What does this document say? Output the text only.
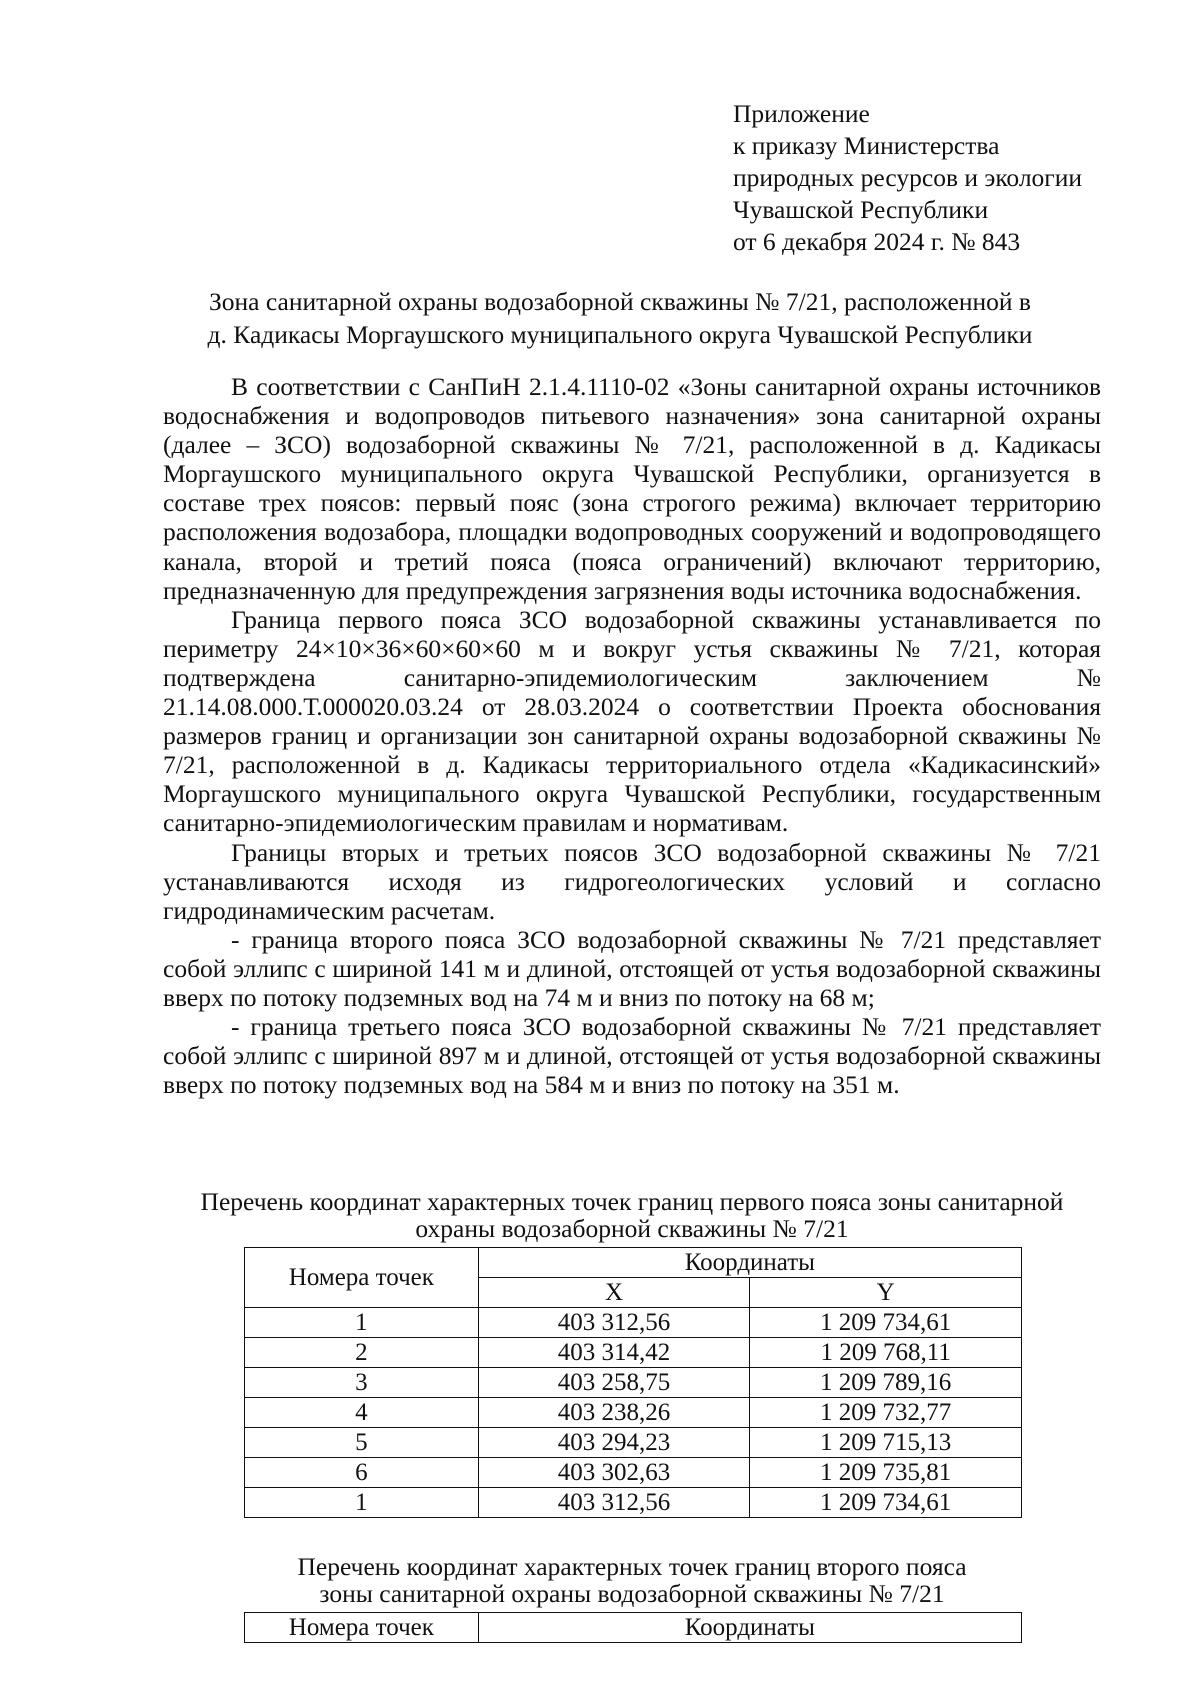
Приложение
к приказу Министерства
природных ресурсов и экологии
Чувашской Республики
от 6 декабря 2024 г. № 843
Зона санитарной охраны водозаборной скважины № 7/21, расположенной в
д. Кадикасы Моргаушского муниципального округа Чувашской Республики

В соответствии с СанПиН 2.1.4.1110-02 «Зоны санитарной охраны источников водоснабжения и водопроводов питьевого назначения» зона санитарной охраны (далее – ЗСО) водозаборной скважины № 7/21, расположенной в д. Кадикасы Моргаушского муниципального округа Чувашской Республики, организуется в составе трех поясов: первый пояс (зона строгого режима) включает территорию расположения водозабора, площадки водопроводных сооружений и водопроводящего канала, второй и третий пояса (пояса ограничений) включают территорию, предназначенную для предупреждения загрязнения воды источника водоснабжения.

Граница первого пояса ЗСО водозаборной скважины устанавливается по периметру 24×10×36×60×60×60 м и вокруг устья скважины № 7/21, которая подтверждена санитарно-эпидемиологическим заключением № 21.14.08.000.Т.000020.03.24 от 28.03.2024 о соответствии Проекта обоснования размеров границ и организации зон санитарной охраны водозаборной скважины № 7/21, расположенной в д. Кадикасы территориального отдела «Кадикасинский» Моргаушского муниципального округа Чувашской Республики, государственным санитарно-эпидемиологическим правилам и нормативам.

Границы вторых и третьих поясов ЗСО водозаборной скважины № 7/21 устанавливаются исходя из гидрогеологических условий и согласно гидродинамическим расчетам.

- граница второго пояса ЗСО водозаборной скважины № 7/21 представляет собой эллипс с шириной 141 м и длиной, отстоящей от устья водозаборной скважины вверх по потоку подземных вод на 74 м и вниз по потоку на 68 м;

- граница третьего пояса ЗСО водозаборной скважины № 7/21 представляет собой эллипс с шириной 897 м и длиной, отстоящей от устья водозаборной скважины вверх по потоку подземных вод на 584 м и вниз по потоку на 351 м.

Перечень координат характерных точек границ первого пояса зоны санитарной
охраны водозаборной скважины № 7/21
Номера точек	Координаты	
	X	Y
1	403 312,56	1 209 734,61
2	403 314,42	1 209 768,11
3	403 258,75	1 209 789,16
4	403 238,26	1 209 732,77
5	403 294,23	1 209 715,13
6	403 302,63	1 209 735,81
1	403 312,56	1 209 734,61
Перечень координат характерных точек границ второго пояса
зоны санитарной охраны водозаборной скважины № 7/21
Номера точек	Координаты
